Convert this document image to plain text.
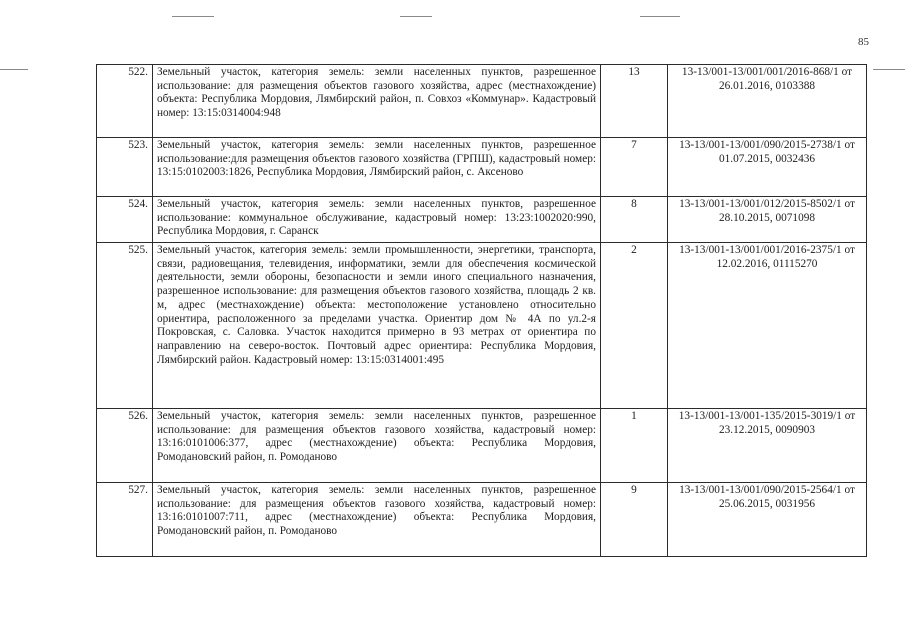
85
522.	Земельный участок, категория земель: земли населенных пунктов, разрешенное использование: для размещения объектов газового хозяйства, адрес (местнахождение) объекта: Республика Мордовия, Лямбирский район, п. Совхоз «Коммунар». Кадастровый номер: 13:15:0314004:948	13	13-13/001-13/001/001/2016-868/1 от 26.01.2016, 0103388
523.	Земельный участок, категория земель: земли населенных пунктов, разрешенное использование:для размещения объектов газового хозяйства (ГРПШ), кадастровый номер: 13:15:0102003:1826, Республика Мордовия, Лямбирский район, с. Аксеново	7	13-13/001-13/001/090/2015-2738/1 от 01.07.2015, 0032436
524.	Земельный участок, категория земель: земли населенных пунктов, разрешенное использование: коммунальное обслуживание, кадастровый номер: 13:23:1002020:990, Республика Мордовия, г. Саранск	8	13-13/001-13/001/012/2015-8502/1 от 28.10.2015, 0071098
525.	Земельный участок, категория земель: земли промышленности, энергетики, транспорта, связи, радиовещания, телевидения, информатики, земли для обеспечения космической деятельности, земли обороны, безопасности и земли иного специального назначения, разрешенное использование: для размещения объектов газового хозяйства, площадь 2 кв. м, адрес (местнахождение) объекта: местоположение установлено относительно ориентира, расположенного за пределами участка. Ориентир дом № 4А по ул.2-я Покровская, с. Саловка. Участок находится примерно в 93 метрах от ориентира по направлению на северо-восток. Почтовый адрес ориентира: Республика Мордовия, Лямбирский район. Кадастровый номер: 13:15:0314001:495	2	13-13/001-13/001/001/2016-2375/1 от 12.02.2016, 01115270
526.	Земельный участок, категория земель: земли населенных пунктов, разрешенное использование: для размещения объектов газового хозяйства, кадастровый номер: 13:16:0101006:377, адрес (местнахождение) объекта: Республика Мордовия, Ромодановский район, п. Ромоданово	1	13-13/001-13/001-135/2015-3019/1 от 23.12.2015, 0090903
527.	Земельный участок, категория земель: земли населенных пунктов, разрешенное использование: для размещения объектов газового хозяйства, кадастровый номер: 13:16:0101007:711, адрес (местнахождение) объекта: Республика Мордовия, Ромодановский район, п. Ромоданово	9	13-13/001-13/001/090/2015-2564/1 от 25.06.2015, 0031956
